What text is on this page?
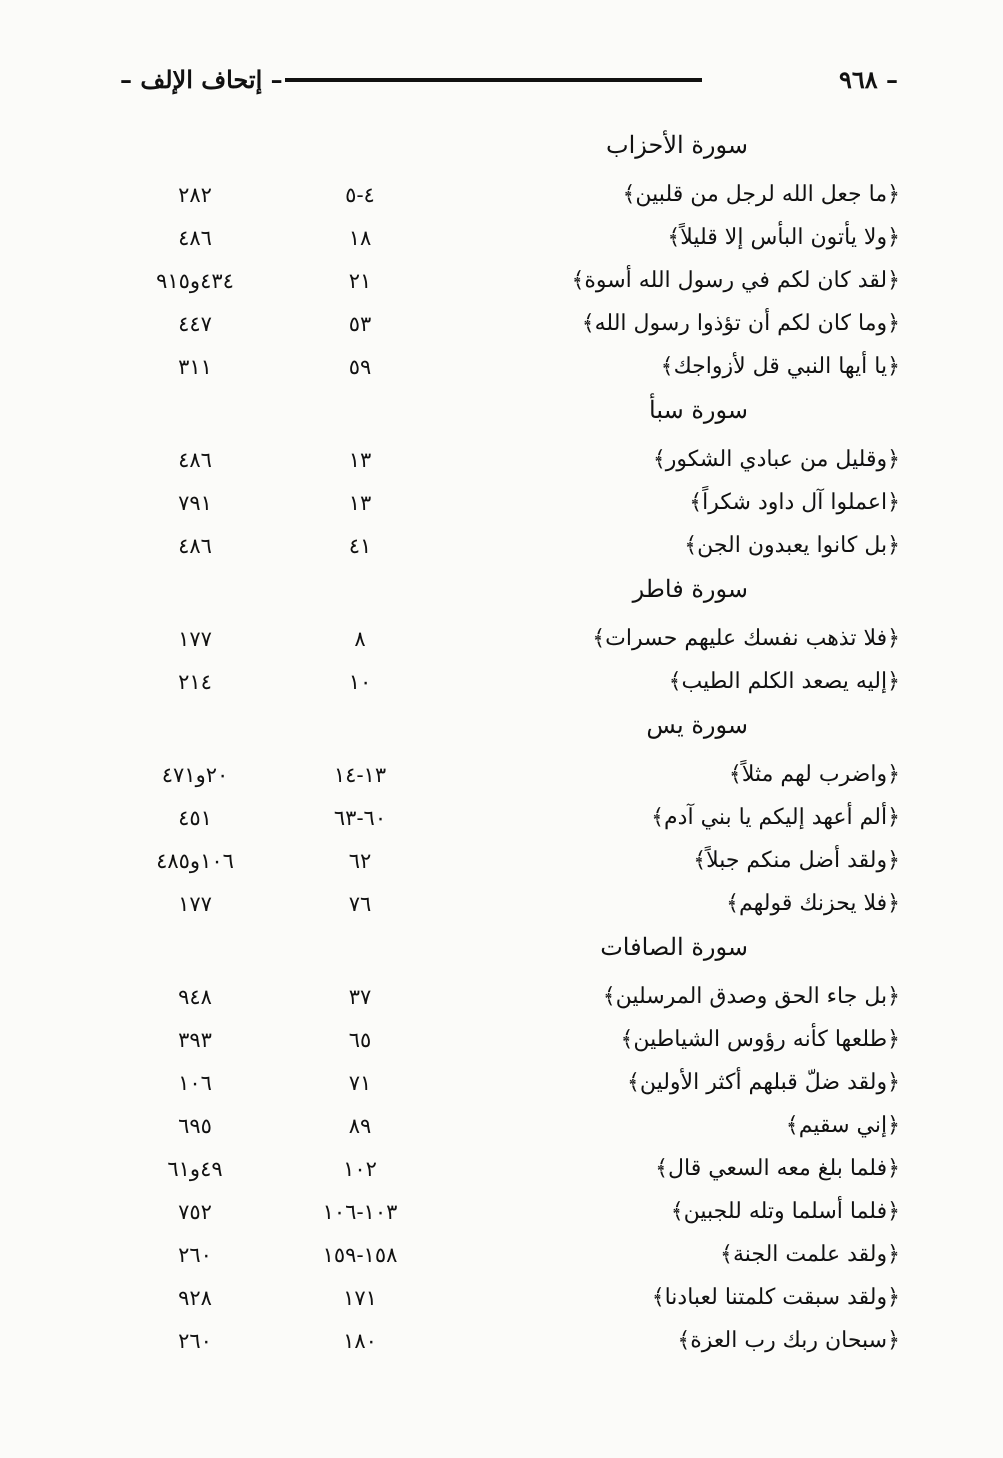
– إتحاف الإلف –	٩٦٨ –
سورة الأحزاب
﴿ما جعل الله لرجل من قلبين﴾
٤-٥
٢٨٢
﴿ولا يأتون البأس إلا قليلاً﴾
١٨
٤٨٦
﴿لقد كان لكم في رسول الله أسوة﴾
٢١
٤٣٤و٩١٥
﴿وما كان لكم أن تؤذوا رسول الله﴾
٥٣
٤٤٧
﴿يا أيها النبي قل لأزواجك﴾
٥٩
٣١١
سورة سبأ
﴿وقليل من عبادي الشكور﴾
١٣
٤٨٦
﴿اعملوا آل داود شكراً﴾
١٣
٧٩١
﴿بل كانوا يعبدون الجن﴾
٤١
٤٨٦
سورة فاطر
﴿فلا تذهب نفسك عليهم حسرات﴾
٨
١٧٧
﴿إليه يصعد الكلم الطيب﴾
١٠
٢١٤
سورة يس
﴿واضرب لهم مثلاً﴾
١٣-١٤
٢٠و٤٧١
﴿ألم أعهد إليكم يا بني آدم﴾
٦٠-٦٣
٤٥١
﴿ولقد أضل منكم جبلاً﴾
٦٢
١٠٦و٤٨٥
﴿فلا يحزنك قولهم﴾
٧٦
١٧٧
سورة الصافات
﴿بل جاء الحق وصدق المرسلين﴾
٣٧
٩٤٨
﴿طلعها كأنه رؤوس الشياطين﴾
٦٥
٣٩٣
﴿ولقد ضلّ قبلهم أكثر الأولين﴾
٧١
١٠٦
﴿إني سقيم﴾
٨٩
٦٩٥
﴿فلما بلغ معه السعي قال﴾
١٠٢
٤٩و٦١
﴿فلما أسلما وتله للجبين﴾
١٠٣-١٠٦
٧٥٢
﴿ولقد علمت الجنة﴾
١٥٨-١٥٩
٢٦٠
﴿ولقد سبقت كلمتنا لعبادنا﴾
١٧١
٩٢٨
﴿سبحان ربك رب العزة﴾
١٨٠
٢٦٠
